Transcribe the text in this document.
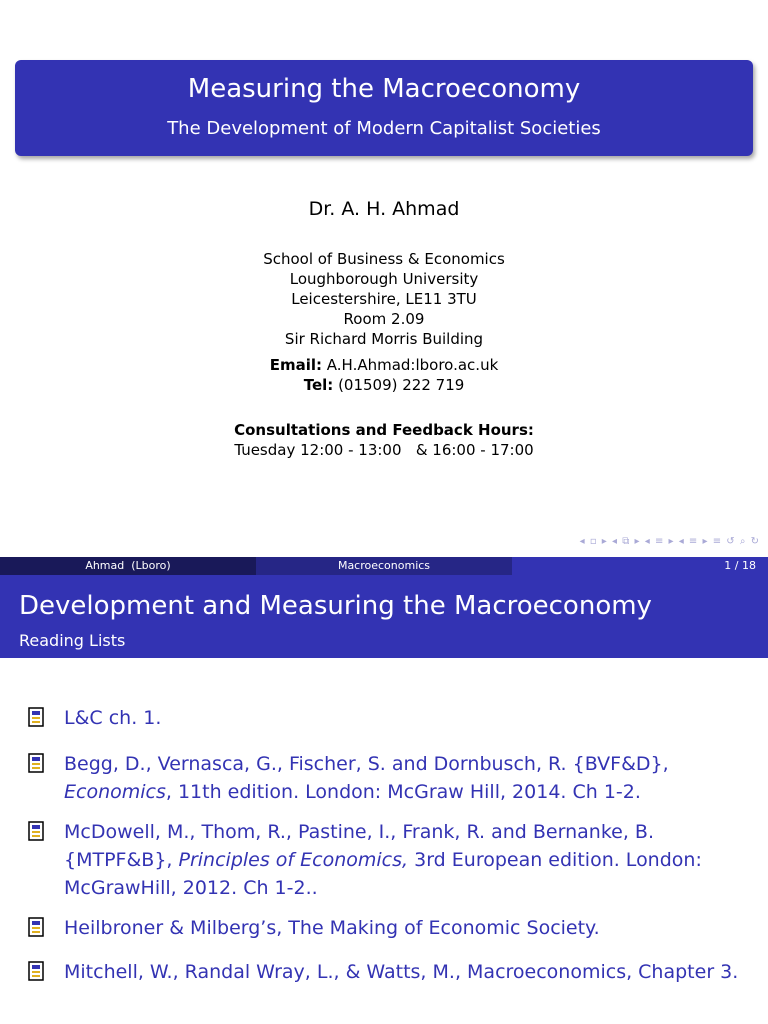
Measuring the Macroeconomy
The Development of Modern Capitalist Societies
Dr. A. H. Ahmad
School of Business & Economics
Loughborough University
Leicestershire, LE11 3TU
Room 2.09
Sir Richard Morris Building
Email: A.H.Ahmad:lboro.ac.uk
Tel: (01509) 222 719
Consultations and Feedback Hours:
Tuesday 12:00 - 13:00   & 16:00 - 17:00
◂ ▫ ▸ ◂ ⧉ ▸ ◂ ≡ ▸ ◂ ≡ ▸ ≡ ↺ ⌕ ↻
Ahmad  (Lboro)	Macroeconomics	1 / 18
Development and Measuring the Macroeconomy
Reading Lists
L&C ch. 1.
Begg, D., Vernasca, G., Fischer, S. and Dornbusch, R. {BVF&D}, Economics, 11th edition. London: McGraw Hill, 2014. Ch 1-2.
McDowell, M., Thom, R., Pastine, I., Frank, R. and Bernanke, B. {MTPF&B}, Principles of Economics, 3rd European edition. London: McGrawHill, 2012. Ch 1-2..
Heilbroner & Milberg’s, The Making of Economic Society.
Mitchell, W., Randal Wray, L., & Watts, M., Macroeconomics, Chapter 3.
